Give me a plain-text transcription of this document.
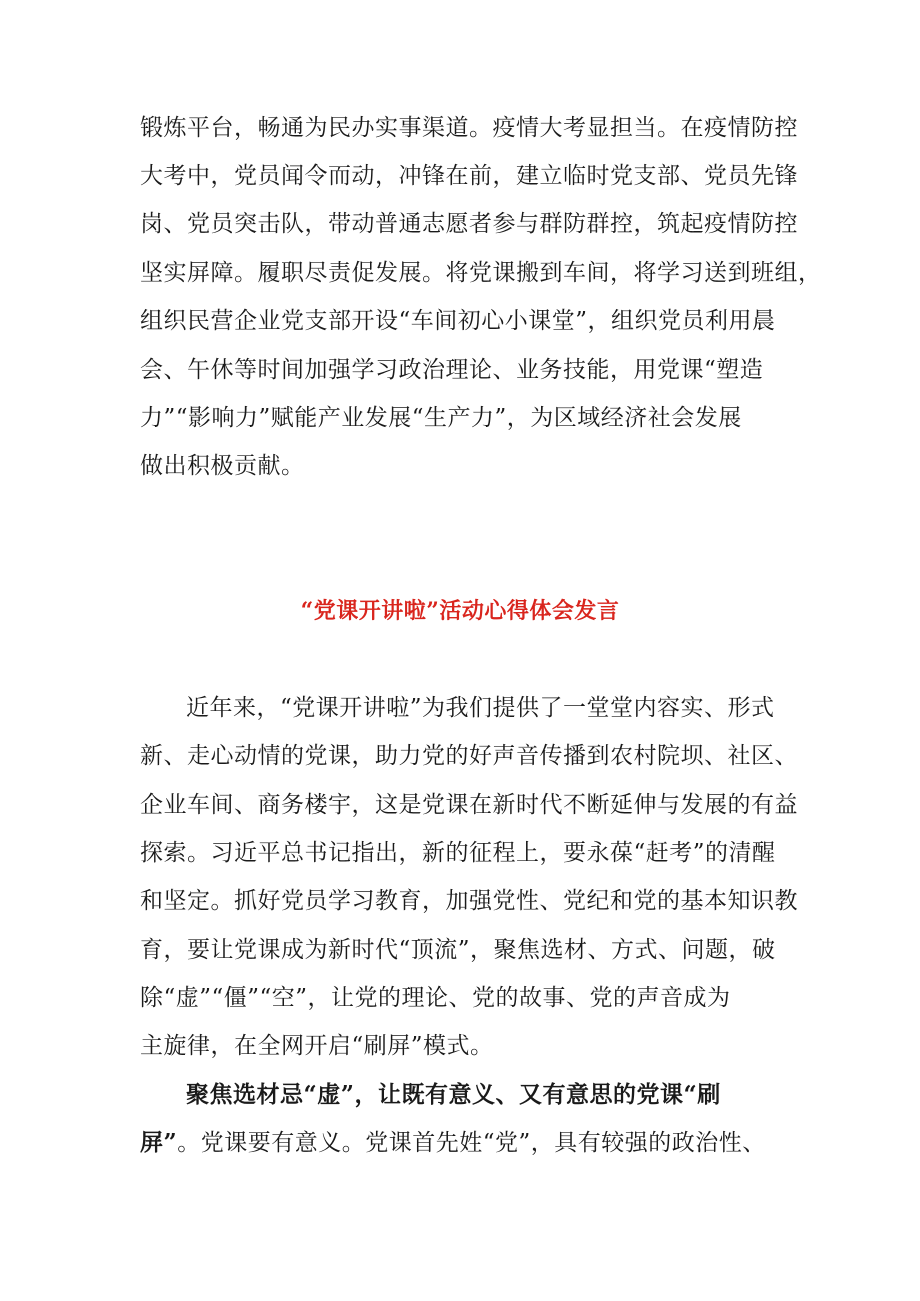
锻炼平台，畅通为民办实事渠道。疫情大考显担当。在疫情防控
大考中，党员闻令而动，冲锋在前，建立临时党支部、党员先锋
岗、党员突击队，带动普通志愿者参与群防群控，筑起疫情防控
坚实屏障。履职尽责促发展。将党课搬到车间，将学习送到班组，
组织民营企业党支部开设“车间初心小课堂”，组织党员利用晨
会、午休等时间加强学习政治理论、业务技能，用党课“塑造
力”“影响力”赋能产业发展“生产力”，为区域经济社会发展
做出积极贡献。
“党课开讲啦”活动心得体会发言
近年来，“党课开讲啦”为我们提供了一堂堂内容实、形式
新、走心动情的党课，助力党的好声音传播到农村院坝、社区、
企业车间、商务楼宇，这是党课在新时代不断延伸与发展的有益
探索。习近平总书记指出，新的征程上，要永葆“赶考”的清醒
和坚定。抓好党员学习教育，加强党性、党纪和党的基本知识教
育，要让党课成为新时代“顶流”，聚焦选材、方式、问题，破
除“虚”“僵”“空”，让党的理论、党的故事、党的声音成为
主旋律，在全网开启“刷屏”模式。
聚焦选材忌“虚”，让既有意义、又有意思的党课“刷
屏”。党课要有意义。党课首先姓“党”，具有较强的政治性、
